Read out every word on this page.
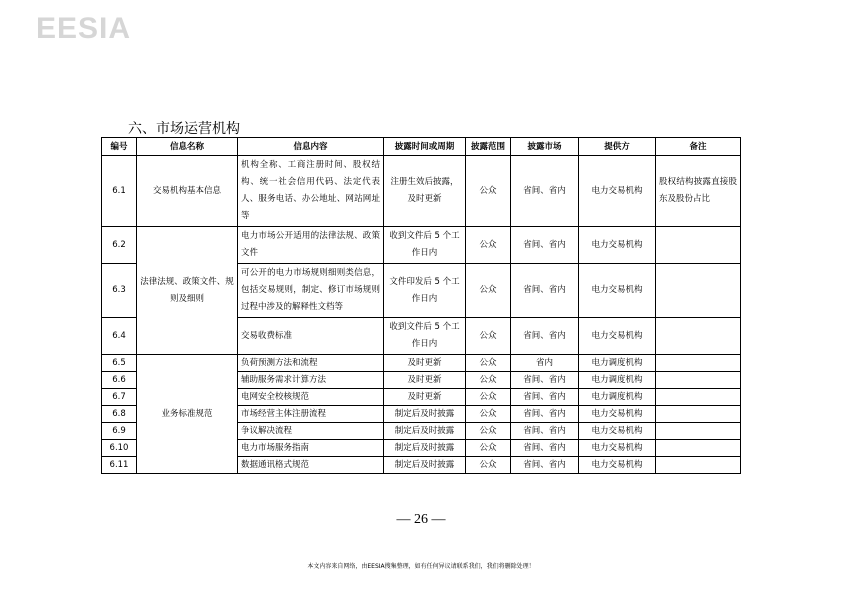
EESIA
六、市场运营机构
编号	信息名称	信息内容	披露时间或周期	披露范围	披露市场	提供方	备注
6.1	交易机构基本信息	机构全称、工商注册时间、股权结构、统一社会信用代码、法定代表人、服务电话、办公地址、网站网址等	注册生效后披露，及时更新	公众	省间、省内	电力交易机构	股权结构披露直接股东及股份占比
6.2	法律法规、政策文件、规则及细则	电力市场公开适用的法律法规、政策文件	收到文件后 5 个工作日内	公众	省间、省内	电力交易机构	
6.3		可公开的电力市场规则细则类信息，包括交易规则，制定、修订市场规则过程中涉及的解释性文档等	文件印发后 5 个工作日内	公众	省间、省内	电力交易机构	
6.4		交易收费标准	收到文件后 5 个工作日内	公众	省间、省内	电力交易机构	
6.5	业务标准规范	负荷预测方法和流程	及时更新	公众	省内	电力调度机构	
6.6		辅助服务需求计算方法	及时更新	公众	省间、省内	电力调度机构	
6.7		电网安全校核规范	及时更新	公众	省间、省内	电力调度机构	
6.8		市场经营主体注册流程	制定后及时披露	公众	省间、省内	电力交易机构	
6.9		争议解决流程	制定后及时披露	公众	省间、省内	电力交易机构	
6.10		电力市场服务指南	制定后及时披露	公众	省间、省内	电力交易机构	
6.11		数据通讯格式规范	制定后及时披露	公众	省间、省内	电力交易机构	
— 26 —
本文内容来自网络，由EESIA搜集整理，如有任何异议请联系我们，我们将删除处理！
